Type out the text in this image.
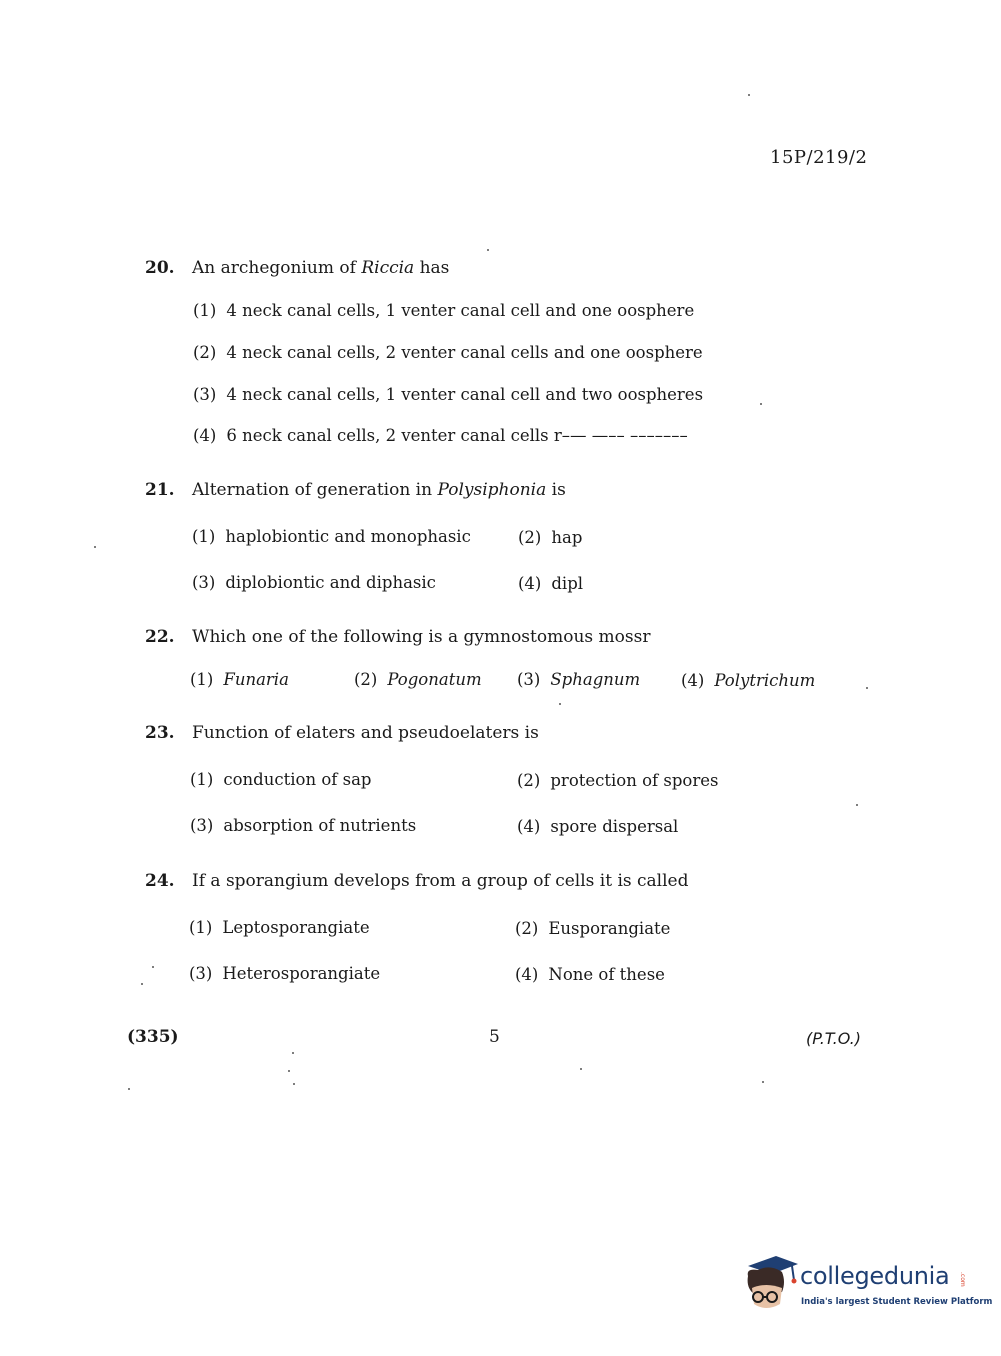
15P/219/2
20. An archegonium of Riccia has
(1) 4 neck canal cells, 1 venter canal cell and one oosphere
(2) 4 neck canal cells, 2 venter canal cells and one oosphere
(3) 4 neck canal cells, 1 venter canal cell and two oospheres
(4) 6 neck canal cells, 2 venter canal cells r–— —–– –––––––
21. Alternation of generation in Polysiphonia is
(1) haplobiontic and monophasic	(2) hap
(3) diplobiontic and diphasic	(4) dipl
22. Which one of the following is a gymnostomous mossr
(1) Funaria	(2) Pogonatum (3) Sphagnum (4) Polytrichum
23. Function of elaters and pseudoelaters is
(1) conduction of sap	(2) protection of spores
(3) absorption of nutrients	(4) spore dispersal
24. If a sporangium develops from a group of cells it is called
(1) Leptosporangiate	(2) Eusporangiate
(3) Heterosporangiate	(4) None of these
(335)	5	(P.T.O.)
collegedunia .com
India's largest Student Review Platform
